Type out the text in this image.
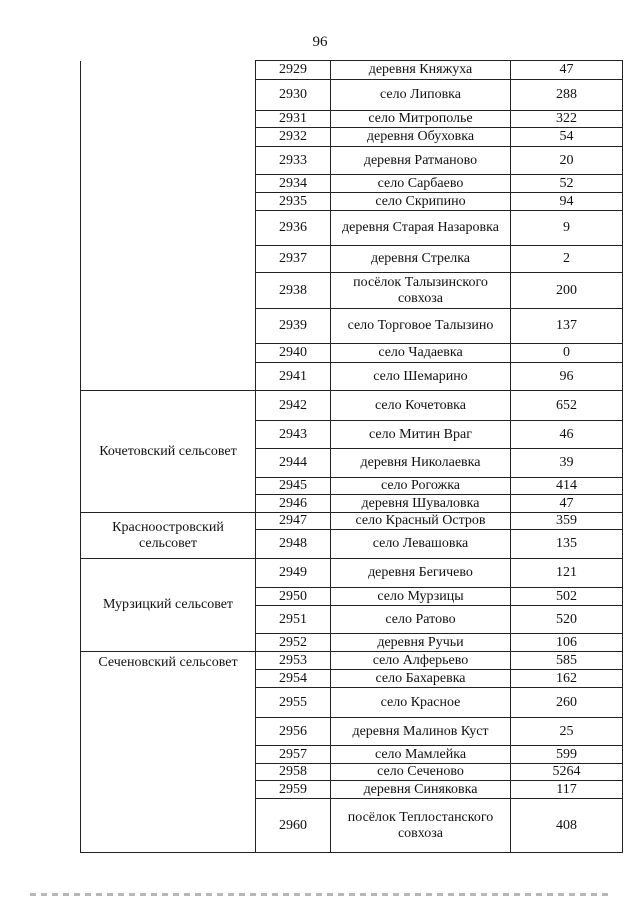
96
	2929	деревня Княжуха	47
	2930	село Липовка	288
	2931	село Митрополье	322
	2932	деревня Обуховка	54
	2933	деревня Ратманово	20
	2934	село Сарбаево	52
	2935	село Скрипино	94
	2936	деревня Старая Назаровка	9
	2937	деревня Стрелка	2
	2938	посёлок Талызинского совхоза	200
	2939	село Торговое Талызино	137
	2940	село Чадаевка	0
	2941	село Шемарино	96
Кочетовский сельсовет	2942	село Кочетовка	652
	2943	село Митин Враг	46
	2944	деревня Николаевка	39
	2945	село Рогожка	414
	2946	деревня Шуваловка	47
Краснoостровский сельсовет	2947	село Красный Остров	359
	2948	село Левашовка	135
Мурзицкий сельсовет	2949	деревня Бегичево	121
	2950	село Мурзицы	502
	2951	село Ратово	520
	2952	деревня Ручьи	106
Сеченовский сельсовет	2953	село Алферьево	585
	2954	село Бахаревка	162
	2955	село Красное	260
	2956	деревня Малинов Куст	25
	2957	село Мамлейка	599
	2958	село Сеченово	5264
	2959	деревня Синяковка	117
	2960	посёлок Теплостанского совхоза	408
